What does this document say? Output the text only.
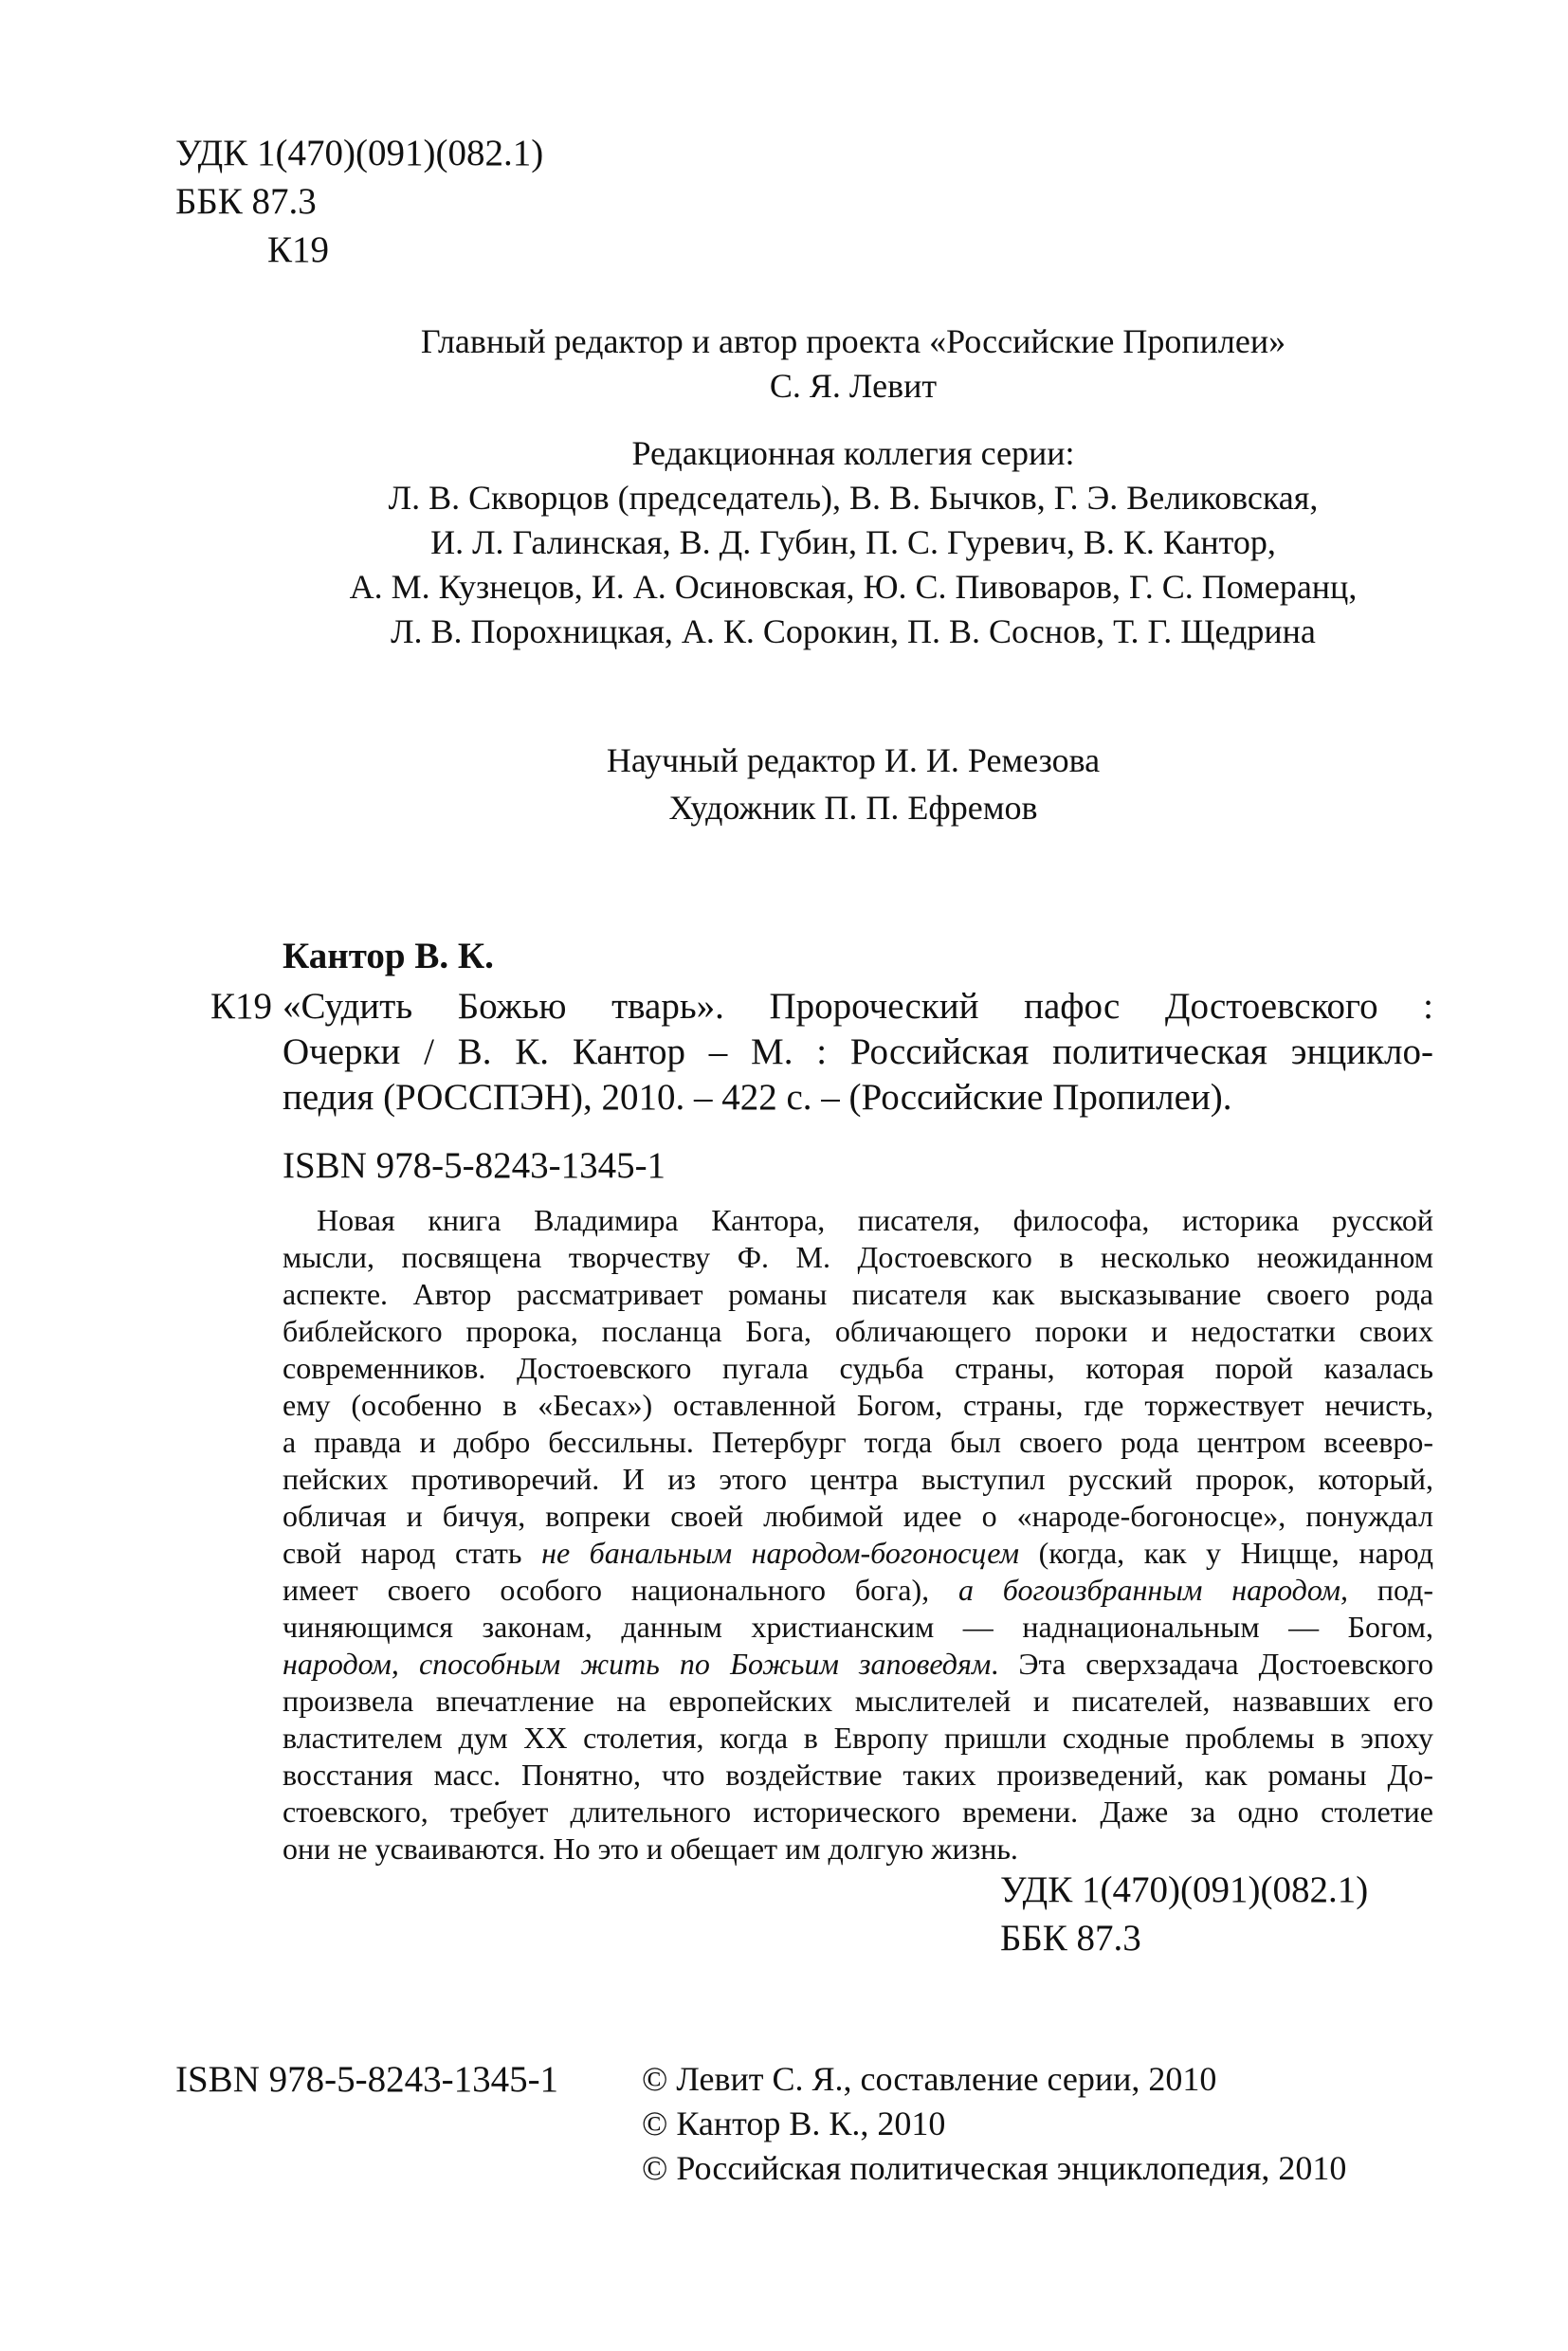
УДК 1(470)(091)(082.1)
ББК 87.3
К19
Главный редактор и автор проекта «Российские Пропилеи»
С. Я. Левит
Редакционная коллегия серии:
Л. В. Скворцов (председатель), В. В. Бычков, Г. Э. Великовская,
И. Л. Галинская, В. Д. Губин, П. С. Гуревич, В. К. Кантор,
А. М. Кузнецов, И. А. Осиновская, Ю. С. Пивоваров, Г. С. Померанц,
Л. В. Порохницкая, А. К. Сорокин, П. В. Соснов, Т. Г. Щедрина
Научный редактор И. И. Ремезова
Художник П. П. Ефремов
Кантор В. К.
К19 «Судить Божью тварь». Пророческий пафос Достоевского :
Очерки / В. К. Кантор – М. : Российская политическая энцикло-
педия (РОССПЭН), 2010. – 422 с. – (Российские Пропилеи).
ISBN 978-5-8243-1345-1
Новая книга Владимира Кантора, писателя, философа, историка русской
мысли, посвящена творчеству Ф. М. Достоевского в несколько неожиданном
аспекте. Автор рассматривает романы писателя как высказывание своего рода
библейского пророка, посланца Бога, обличающего пороки и недостатки своих
современников. Достоевского пугала судьба страны, которая порой казалась
ему (особенно в «Бесах») оставленной Богом, страны, где торжествует нечисть,
а правда и добро бессильны. Петербург тогда был своего рода центром всеевро-
пейских противоречий. И из этого центра выступил русский пророк, который,
обличая и бичуя, вопреки своей любимой идее о «народе-богоносце», понуждал
свой народ стать не банальным народом-богоносцем (когда, как у Ницще, народ
имеет своего особого национального бога), а богоизбранным народом, под-
чиняющимся законам, данным христианским — наднациональным — Богом,
народом, способным жить по Божьим заповедям. Эта сверхзадача Достоевского
произвела впечатление на европейских мыслителей и писателей, назвавших его
властителем дум XX столетия, когда в Европу пришли сходные проблемы в эпоху
восстания масс. Понятно, что воздействие таких произведений, как романы До-
стоевского, требует длительного исторического времени. Даже за одно столетие
они не усваиваются. Но это и обещает им долгую жизнь.
УДК 1(470)(091)(082.1)
ББК 87.3
ISBN 978-5-8243-1345-1 © Левит С. Я., составление серии, 2010
© Кантор В. К., 2010
© Российская политическая энциклопедия, 2010
